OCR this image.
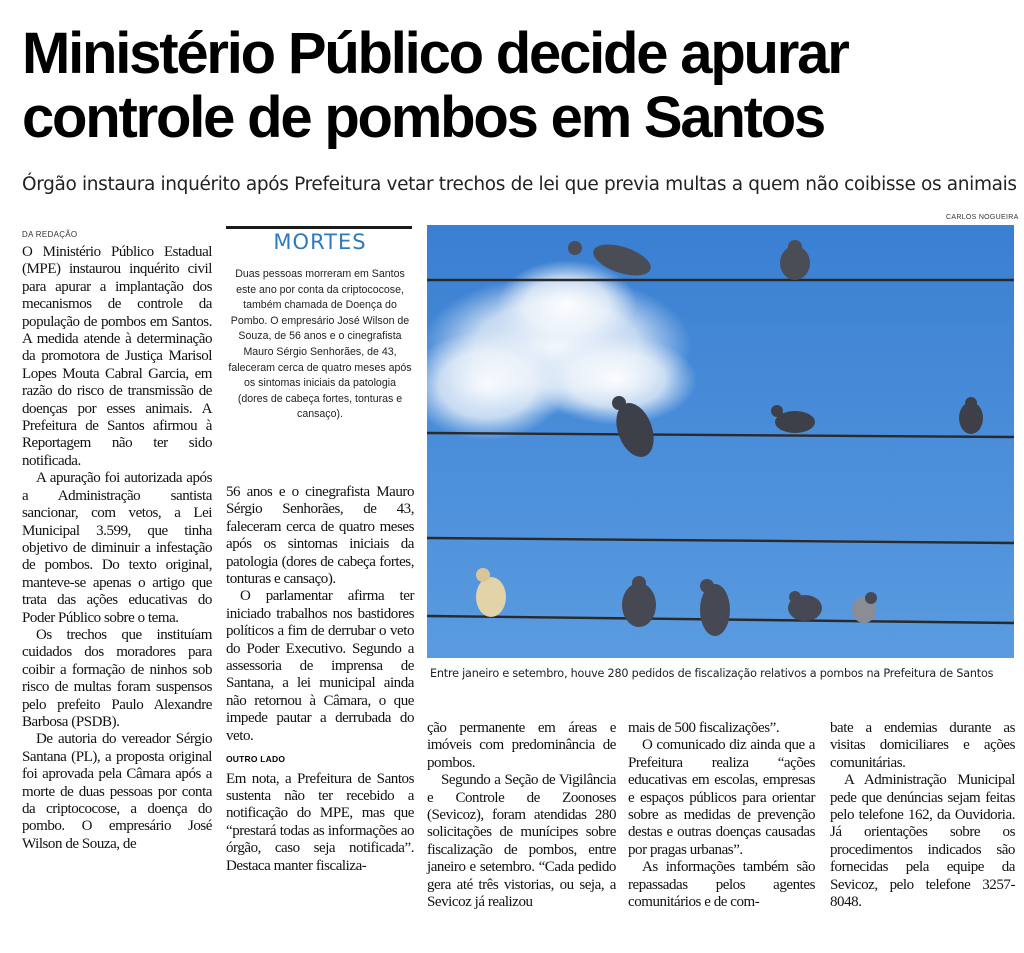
Ministério Público decide apurar controle de pombos em Santos
Órgão instaura inquérito após Prefeitura vetar trechos de lei que previa multas a quem não coibisse os animais
DA REDAÇÃO
CARLOS NOGUEIRA

O Ministério Público Estadual (MPE) instaurou inquérito civil para apurar a implantação dos mecanismos de controle da população de pombos em Santos. A medida atende à determinação da promotora de Justiça Marisol Lopes Mouta Cabral Garcia, em razão do risco de transmissão de doenças por esses animais. A Prefeitura de Santos afirmou à Reportagem não ter sido notificada.

A apuração foi autorizada após a Administração santista sancionar, com vetos, a Lei Municipal 3.599, que tinha objetivo de diminuir a infestação de pombos. Do texto original, manteve-se apenas o artigo que trata das ações educativas do Poder Público sobre o tema.

Os trechos que instituíam cuidados dos moradores para coibir a formação de ninhos sob risco de multas foram suspensos pelo prefeito Paulo Alexandre Barbosa (PSDB).

De autoria do vereador Sérgio Santana (PL), a proposta original foi aprovada pela Câmara após a morte de duas pessoas por conta da criptococose, a doença do pombo. O empresário José Wilson de Souza, de

MORTES
Duas pessoas morreram em Santos este ano por conta da criptococose, também chamada de Doença do Pombo. O empresário José Wilson de Souza, de 56 anos e o cinegrafista Mauro Sérgio Senhorães, de 43, faleceram cerca de quatro meses após os sintomas iniciais da patologia (dores de cabeça fortes, tonturas e cansaço).

56 anos e o cinegrafista Mauro Sérgio Senhorães, de 43, faleceram cerca de quatro meses após os sintomas iniciais da patologia (dores de cabeça fortes, tonturas e cansaço).

O parlamentar afirma ter iniciado trabalhos nos bastidores políticos a fim de derrubar o veto do Poder Executivo. Segundo a assessoria de imprensa de Santana, a lei municipal ainda não retornou à Câmara, o que impede pautar a derrubada do veto.

OUTRO LADO

Em nota, a Prefeitura de Santos sustenta não ter recebido a notificação do MPE, mas que “prestará todas as informações ao órgão, caso seja notificada”. Destaca manter fiscaliza-

Entre janeiro e setembro, houve 280 pedidos de fiscalização relativos a pombos na Prefeitura de Santos

ção permanente em áreas e imóveis com predominância de pombos.

Segundo a Seção de Vigilância e Controle de Zoonoses (Sevicoz), foram atendidas 280 solicitações de munícipes sobre fiscalização de pombos, entre janeiro e setembro. “Cada pedido gera até três vistorias, ou seja, a Sevicoz já realizou

mais de 500 fiscalizações”.

O comunicado diz ainda que a Prefeitura realiza “ações educativas em escolas, empresas e espaços públicos para orientar sobre as medidas de prevenção destas e outras doenças causadas por pragas urbanas”.

As informações também são repassadas pelos agentes comunitários e de com-

bate a endemias durante as visitas domiciliares e ações comunitárias.

A Administração Municipal pede que denúncias sejam feitas pelo telefone 162, da Ouvidoria. Já orientações sobre os procedimentos indicados são fornecidas pela equipe da Sevicoz, pelo telefone 3257-8048.
